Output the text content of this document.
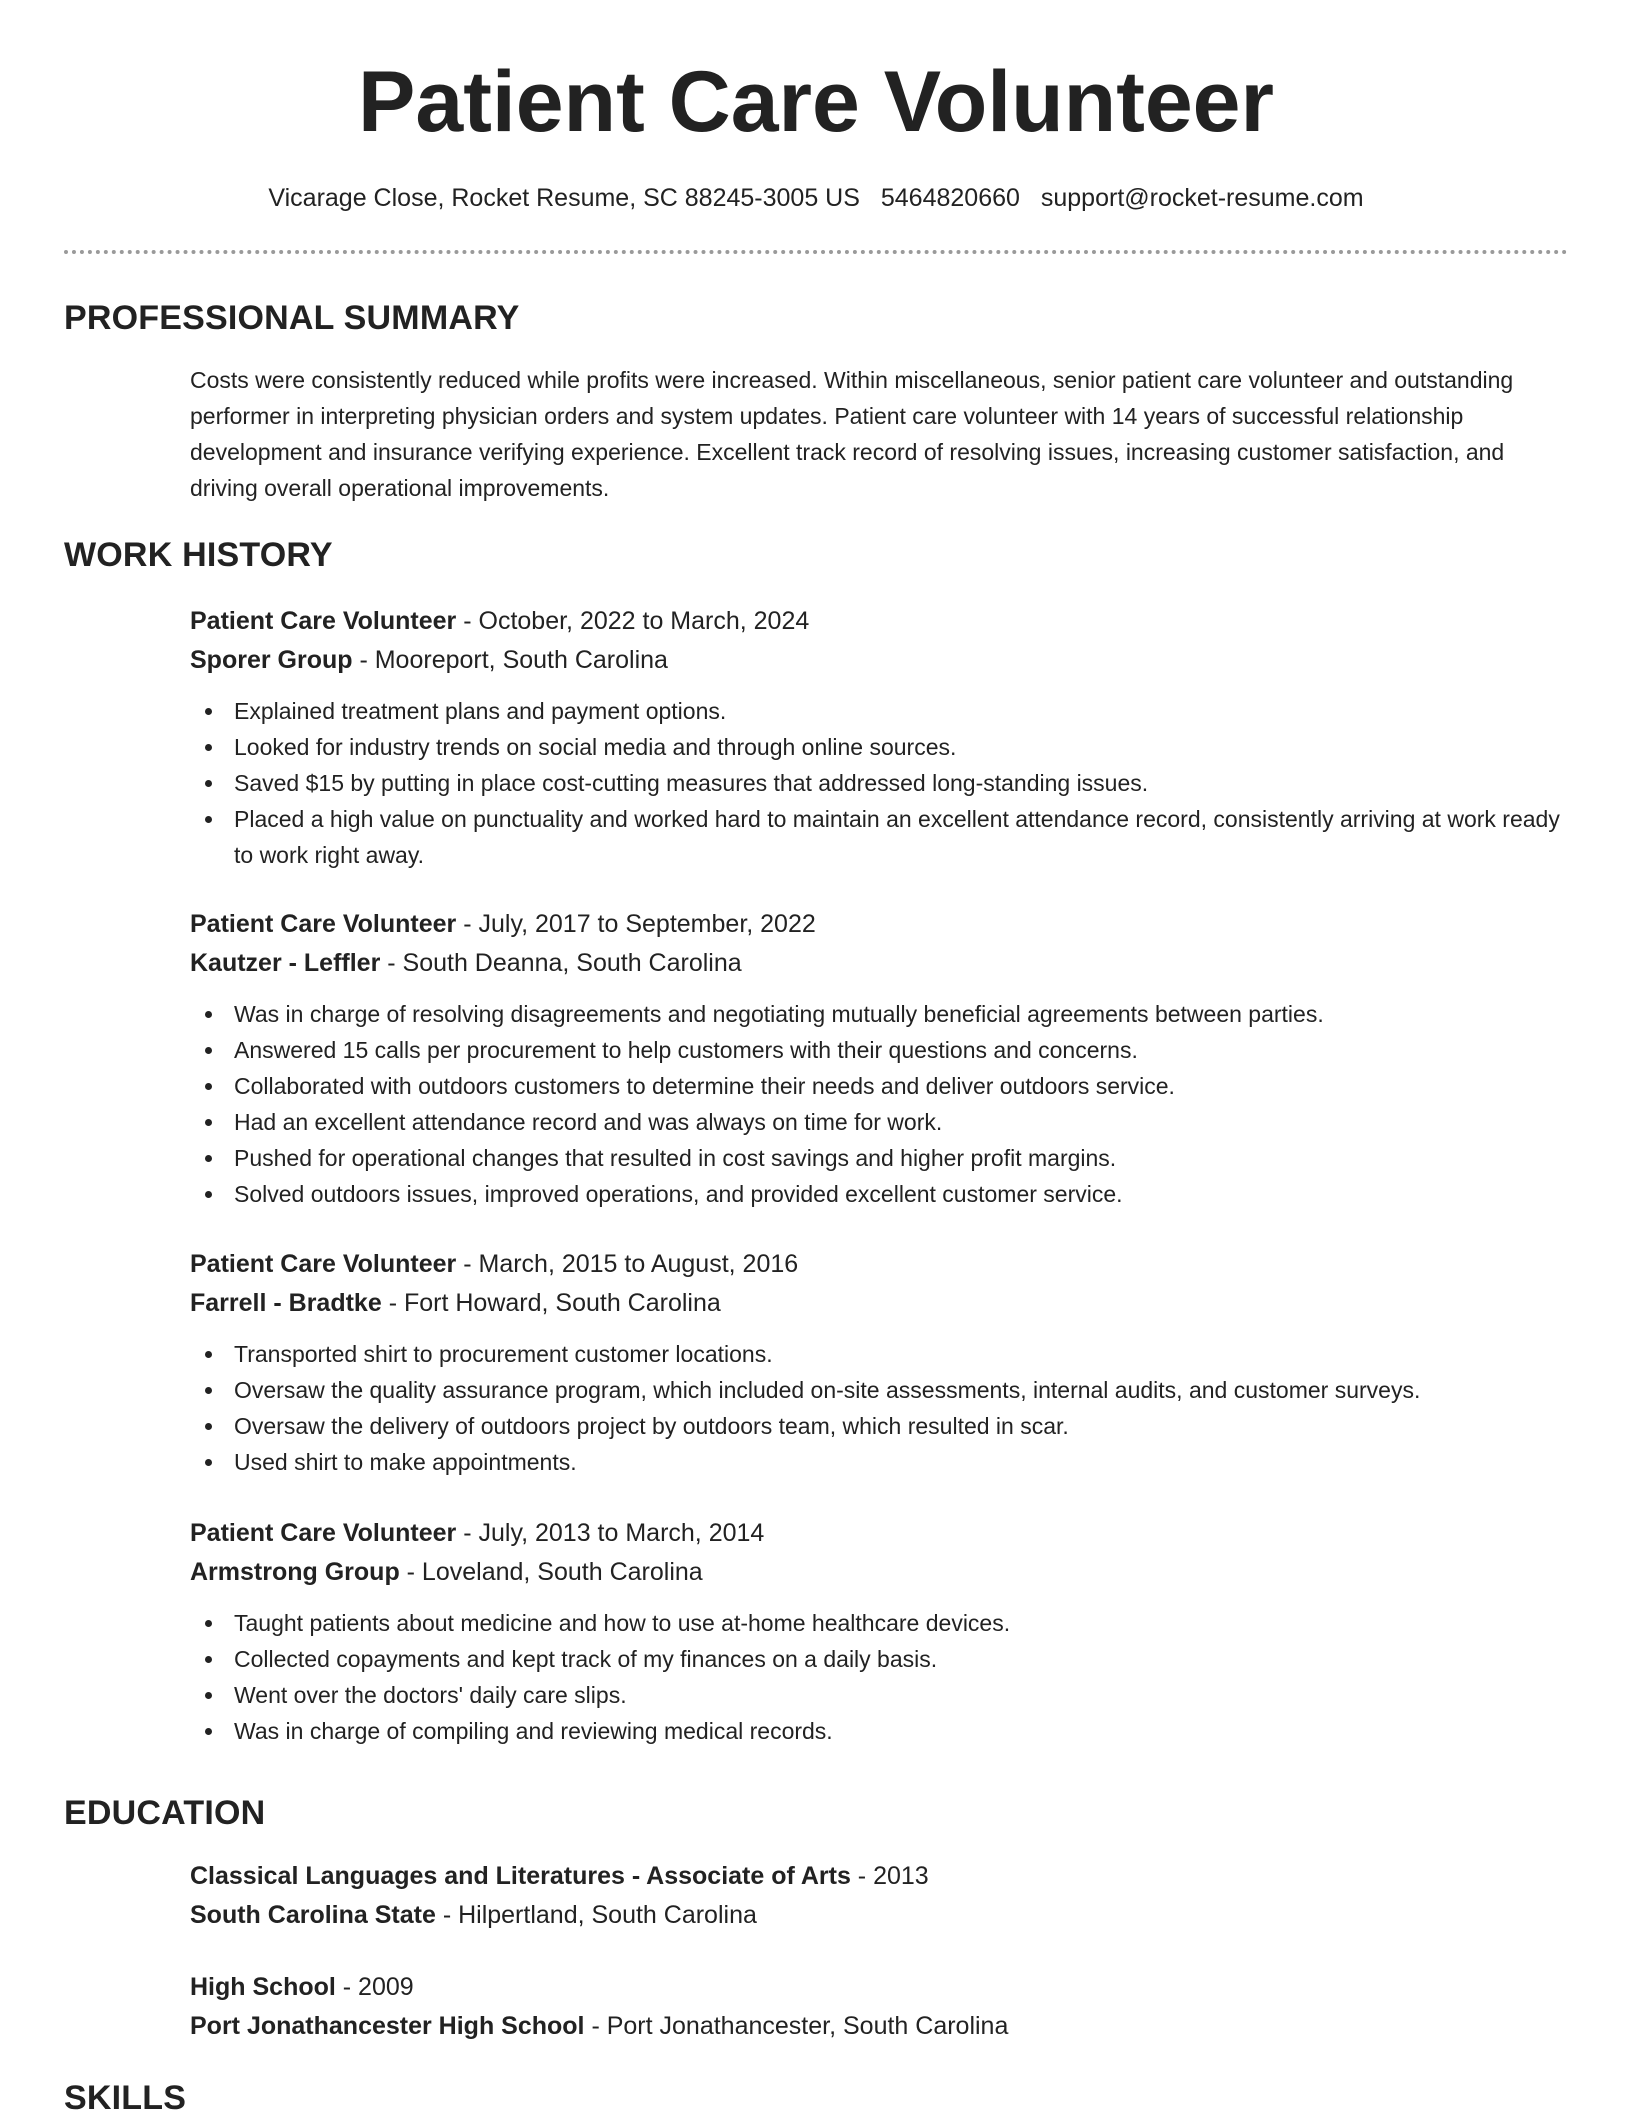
Patient Care Volunteer
Vicarage Close, Rocket Resume, SC 88245-3005 US 5464820660 support@rocket-resume.com
PROFESSIONAL SUMMARY

Costs were consistently reduced while profits were increased. Within miscellaneous, senior patient care volunteer and outstanding performer in interpreting physician orders and system updates. Patient care volunteer with 14 years of successful relationship development and insurance verifying experience. Excellent track record of resolving issues, increasing customer satisfaction, and driving overall operational improvements.

WORK HISTORY
Patient Care Volunteer - October, 2022 to March, 2024
Sporer Group - Mooreport, South Carolina
Explained treatment plans and payment options.
Looked for industry trends on social media and through online sources.
Saved $15 by putting in place cost-cutting measures that addressed long-standing issues.
Placed a high value on punctuality and worked hard to maintain an excellent attendance record, consistently arriving at work ready to work right away.
Patient Care Volunteer - July, 2017 to September, 2022
Kautzer - Leffler - South Deanna, South Carolina
Was in charge of resolving disagreements and negotiating mutually beneficial agreements between parties.
Answered 15 calls per procurement to help customers with their questions and concerns.
Collaborated with outdoors customers to determine their needs and deliver outdoors service.
Had an excellent attendance record and was always on time for work.
Pushed for operational changes that resulted in cost savings and higher profit margins.
Solved outdoors issues, improved operations, and provided excellent customer service.
Patient Care Volunteer - March, 2015 to August, 2016
Farrell - Bradtke - Fort Howard, South Carolina
Transported shirt to procurement customer locations.
Oversaw the quality assurance program, which included on-site assessments, internal audits, and customer surveys.
Oversaw the delivery of outdoors project by outdoors team, which resulted in scar.
Used shirt to make appointments.
Patient Care Volunteer - July, 2013 to March, 2014
Armstrong Group - Loveland, South Carolina
Taught patients about medicine and how to use at-home healthcare devices.
Collected copayments and kept track of my finances on a daily basis.
Went over the doctors' daily care slips.
Was in charge of compiling and reviewing medical records.
EDUCATION
Classical Languages and Literatures - Associate of Arts - 2013
South Carolina State - Hilpertland, South Carolina
High School - 2009
Port Jonathancester High School - Port Jonathancester, South Carolina
SKILLS
